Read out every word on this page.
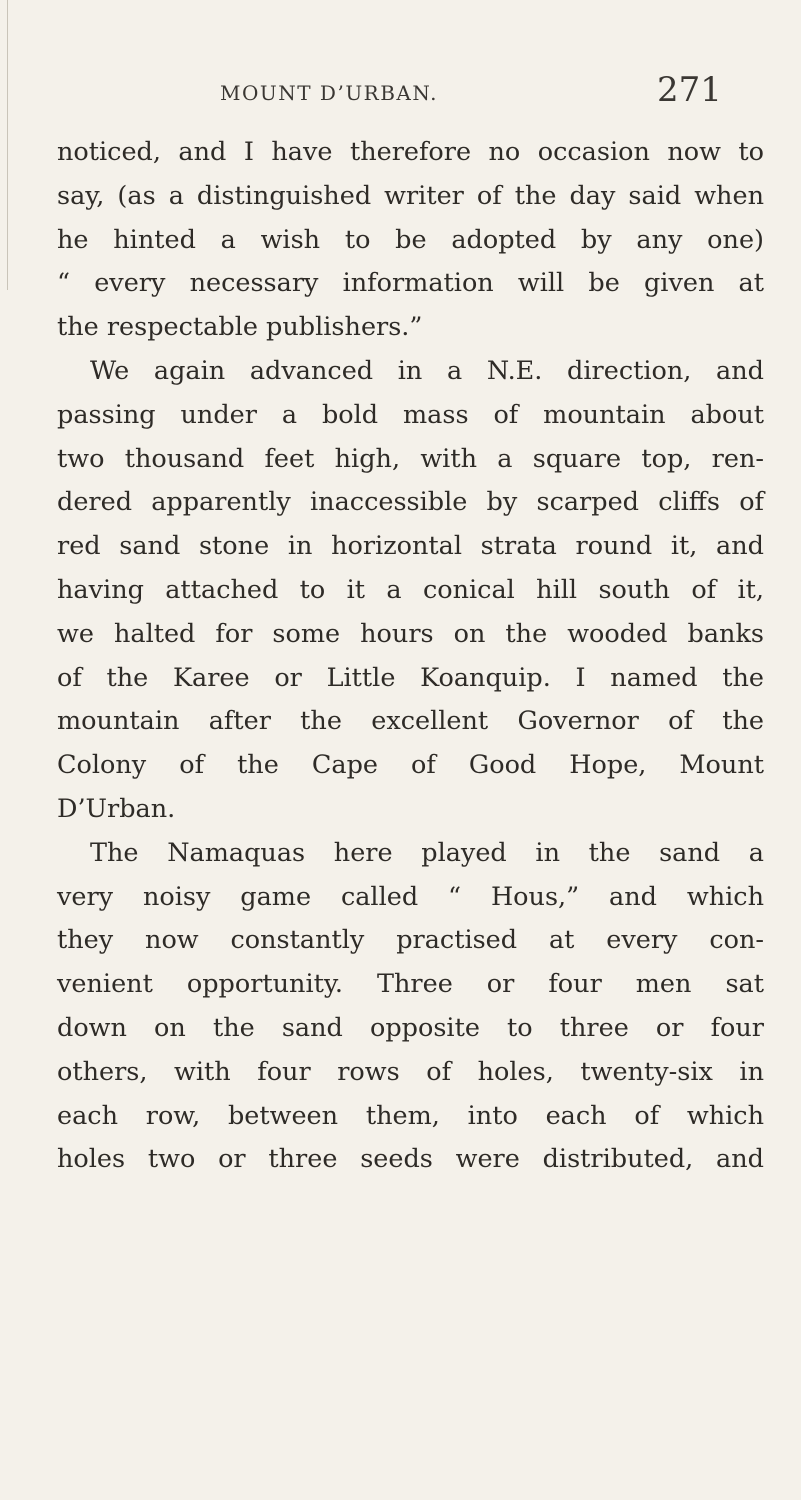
MOUNT D’URBAN.	271
noticed, and I have therefore no occasion now to
say, (as a distinguished writer of the day said when
he hinted a wish to be adopted by any one)
“ every necessary information will be given at
the respectable publishers.”
We again advanced in a N.E. direction, and
passing under a bold mass of mountain about
two thousand feet high, with a square top, ren-
dered apparently inaccessible by scarped cliffs of
red sand stone in horizontal strata round it, and
having attached to it a conical hill south of it,
we halted for some hours on the wooded banks
of the Karee or Little Koanquip. I named the
mountain after the excellent Governor of the
Colony of the Cape of Good Hope, Mount
D’Urban.
The Namaquas here played in the sand a
very noisy game called “ Hous,” and which
they now constantly practised at every con-
venient opportunity. Three or four men sat
down on the sand opposite to three or four
others, with four rows of holes, twenty-six in
each row, between them, into each of which
holes two or three seeds were distributed, and
